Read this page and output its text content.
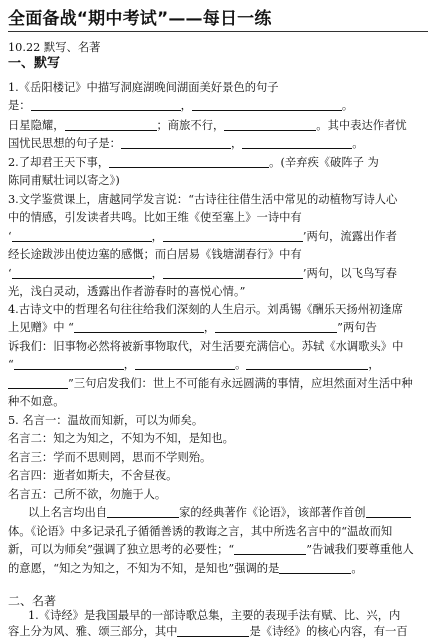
全面备战“期中考试”——每日一练
10.22 默写、名著
一、默写
1.《岳阳楼记》中描写洞庭湖晚间湖面美好景色的句子
是：	，	。
日星隐耀，	；商旅不行，	。其中表达作者忧
国忧民思想的句子是：	，	。
2.了却君王天下事，	。(辛弃疾《破阵子 为
陈同甫赋壮词以寄之》)
3.文学鉴赏课上，唐越同学发言说：“古诗往往借生活中常见的动植物写诗人心
中的情感，引发读者共鸣。比如王维《使至塞上》一诗中有
‘	，	’两句，流露出作者
经长途跋涉出使边塞的感慨；而白居易《钱塘湖春行》中有
‘	，	’两句，以飞鸟写春
光，浅白灵动，透露出作者游春时的喜悦心情。”
4.古诗文中的哲理名句往往给我们深刻的人生启示。刘禹锡《酬乐天扬州初逢席
上见赠》中 “	，	”两句告
诉我们：旧事物必然将被新事物取代，对生活要充满信心。苏轼《水调歌头》中
“	，	。	，
”三句启发我们：世上不可能有永远圆满的事情，应坦然面对生活中种
种不如意。
5. 名言一：温故而知新，可以为师矣。
名言二：知之为知之，不知为不知，是知也。
名言三：学而不思则罔，思而不学则殆。
名言四：逝者如斯夫，不舍昼夜。
名言五：己所不欲，勿施于人。
以上名言均出自	家的经典著作《论语》，该部著作首创
体。《论语》中多记录孔子循循善诱的教诲之言，其中所选名言中的“温故而知
新，可以为师矣”强调了独立思考的必要性；“	”告诫我们要尊重他人
的意愿，“知之为知之，不知为不知，是知也”强调的是	。
二、名著
1.《诗经》是我国最早的一部诗歌总集，主要的表现手法有赋、比、兴，内
容上分为风、雅、颂三部分，其中	是《诗经》的核心内容，有一百
